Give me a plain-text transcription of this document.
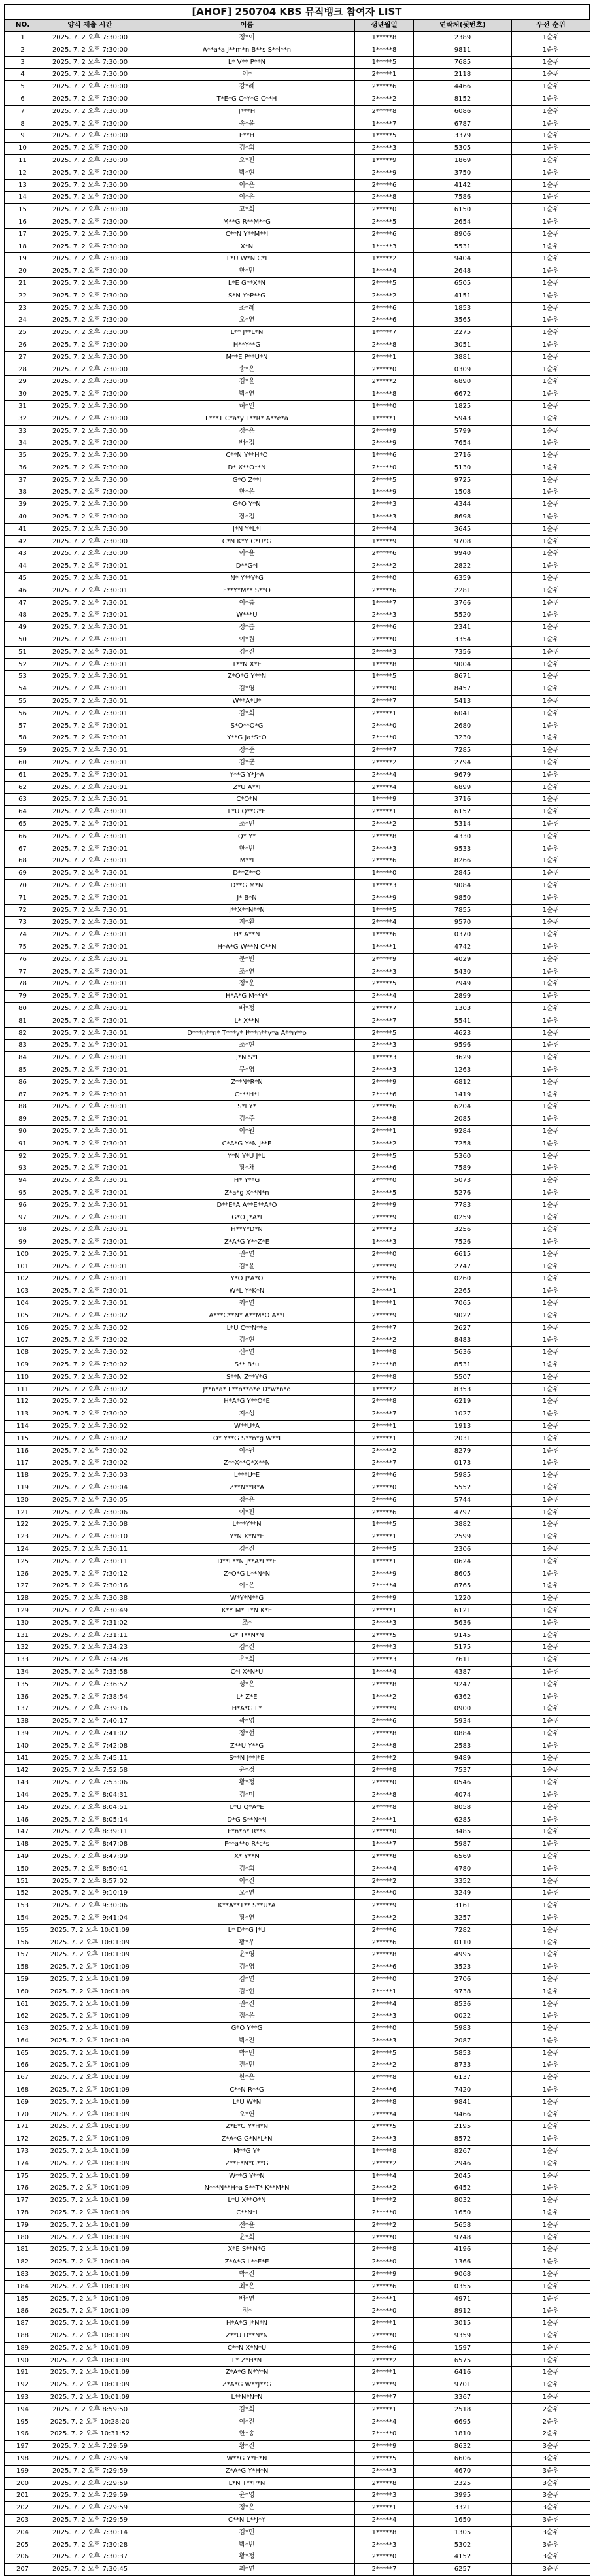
[AHOF] 250704 KBS 뮤직뱅크 참여자 LIST
NO.	양식 제출 시간	이름	생년월일	연락처(뒷번호)	우선 순위
1	2025. 7. 2 오후 7:30:00	정*이	1*****8	2389	1순위
2	2025. 7. 2 오후 7:30:00	A**a*a J**m*n B**s S**l**n	1*****8	9811	1순위
3	2025. 7. 2 오후 7:30:00	L* V** P**N	1*****5	7685	1순위
4	2025. 7. 2 오후 7:30:00	이*	2*****1	2118	1순위
5	2025. 7. 2 오후 7:30:00	강*례	2*****6	4466	1순위
6	2025. 7. 2 오후 7:30:00	T*E*G C*Y*G C**H	2*****2	8152	1순위
7	2025. 7. 2 오후 7:30:00	J***H	2*****8	6086	1순위
8	2025. 7. 2 오후 7:30:00	송*윤	1*****7	6787	1순위
9	2025. 7. 2 오후 7:30:00	F**H	1*****5	3379	1순위
10	2025. 7. 2 오후 7:30:00	김*희	2*****3	5305	1순위
11	2025. 7. 2 오후 7:30:00	오*진	1*****9	1869	1순위
12	2025. 7. 2 오후 7:30:00	박*현	2*****9	3750	1순위
13	2025. 7. 2 오후 7:30:00	이*은	2*****6	4142	1순위
14	2025. 7. 2 오후 7:30:00	이*은	2*****8	7586	1순위
15	2025. 7. 2 오후 7:30:00	고*희	2*****0	6150	1순위
16	2025. 7. 2 오후 7:30:00	M**G R**M**G	2*****5	2654	1순위
17	2025. 7. 2 오후 7:30:00	C**N Y**M**I	2*****6	8906	1순위
18	2025. 7. 2 오후 7:30:00	X*N	1*****3	5531	1순위
19	2025. 7. 2 오후 7:30:00	L*U W*N C*I	1*****2	9404	1순위
20	2025. 7. 2 오후 7:30:00	한*민	1*****4	2648	1순위
21	2025. 7. 2 오후 7:30:00	L*E G**X*N	2*****5	6505	1순위
22	2025. 7. 2 오후 7:30:00	S*N Y*P**G	2*****2	4151	1순위
23	2025. 7. 2 오후 7:30:00	조*례	2*****6	1853	1순위
24	2025. 7. 2 오후 7:30:00	오*연	2*****6	3565	1순위
25	2025. 7. 2 오후 7:30:00	L** J**L*N	1*****7	2275	1순위
26	2025. 7. 2 오후 7:30:00	H**Y**G	2*****8	3051	1순위
27	2025. 7. 2 오후 7:30:00	M**E P**U*N	2*****1	3881	1순위
28	2025. 7. 2 오후 7:30:00	송*은	2*****0	0309	1순위
29	2025. 7. 2 오후 7:30:00	김*윤	2*****2	6890	1순위
30	2025. 7. 2 오후 7:30:00	박*연	1*****8	6672	1순위
31	2025. 7. 2 오후 7:30:00	허*인	1*****0	1825	1순위
32	2025. 7. 2 오후 7:30:00	L***T C*a*y L**R* A**e*a	1*****1	5943	1순위
33	2025. 7. 2 오후 7:30:00	정*은	2*****9	5799	1순위
34	2025. 7. 2 오후 7:30:00	배*정	2*****9	7654	1순위
35	2025. 7. 2 오후 7:30:00	C**N Y**H*O	1*****6	2716	1순위
36	2025. 7. 2 오후 7:30:00	D* X**O**N	2*****0	5130	1순위
37	2025. 7. 2 오후 7:30:00	G*O Z**I	2*****5	9725	1순위
38	2025. 7. 2 오후 7:30:00	한*은	1*****9	1508	1순위
39	2025. 7. 2 오후 7:30:00	G*O Y*N	2*****3	4344	1순위
40	2025. 7. 2 오후 7:30:00	장*정	1*****3	8698	1순위
41	2025. 7. 2 오후 7:30:00	J*N Y*L*I	2*****4	3645	1순위
42	2025. 7. 2 오후 7:30:00	C*N K*Y C*U*G	1*****9	9708	1순위
43	2025. 7. 2 오후 7:30:00	이*윤	2*****6	9940	1순위
44	2025. 7. 2 오후 7:30:01	D**G*I	2*****2	2822	1순위
45	2025. 7. 2 오후 7:30:01	N* Y**Y*G	2*****0	6359	1순위
46	2025. 7. 2 오후 7:30:01	F**Y*M** S**O	2*****6	2281	1순위
47	2025. 7. 2 오후 7:30:01	이*름	1*****7	3766	1순위
48	2025. 7. 2 오후 7:30:01	W***U	2*****3	5520	1순위
49	2025. 7. 2 오후 7:30:01	정*름	2*****6	2341	1순위
50	2025. 7. 2 오후 7:30:01	이*원	2*****0	3354	1순위
51	2025. 7. 2 오후 7:30:01	김*진	2*****3	7356	1순위
52	2025. 7. 2 오후 7:30:01	T**N X*E	1*****8	9004	1순위
53	2025. 7. 2 오후 7:30:01	Z*O*G Y**N	1*****5	8671	1순위
54	2025. 7. 2 오후 7:30:01	김*영	2*****0	8457	1순위
55	2025. 7. 2 오후 7:30:01	W**A*U*	2*****7	5413	1순위
56	2025. 7. 2 오후 7:30:01	김*희	2*****1	6041	1순위
57	2025. 7. 2 오후 7:30:01	S*O**O*G	2*****0	2680	1순위
58	2025. 7. 2 오후 7:30:01	Y**G Ja*S*O	2*****0	3230	1순위
59	2025. 7. 2 오후 7:30:01	정*준	2*****7	7285	1순위
60	2025. 7. 2 오후 7:30:01	김*군	2*****2	2794	1순위
61	2025. 7. 2 오후 7:30:01	Y**G Y*J*A	2*****4	9679	1순위
62	2025. 7. 2 오후 7:30:01	Z*U A**I	2*****4	6899	1순위
63	2025. 7. 2 오후 7:30:01	C*O*N	1*****9	3716	1순위
64	2025. 7. 2 오후 7:30:01	L*U Q**G*E	2*****1	6152	1순위
65	2025. 7. 2 오후 7:30:01	조*민	2*****2	5314	1순위
66	2025. 7. 2 오후 7:30:01	Q* Y*	2*****8	4330	1순위
67	2025. 7. 2 오후 7:30:01	한*빈	2*****3	9533	1순위
68	2025. 7. 2 오후 7:30:01	M**I	2*****6	8266	1순위
69	2025. 7. 2 오후 7:30:01	D**Z**O	1*****0	2845	1순위
70	2025. 7. 2 오후 7:30:01	D**G M*N	1*****3	9084	1순위
71	2025. 7. 2 오후 7:30:01	J* B*N	2*****9	9850	1순위
72	2025. 7. 2 오후 7:30:01	J**X**N**N	1*****5	7855	1순위
73	2025. 7. 2 오후 7:30:01	지*환	2*****4	9570	1순위
74	2025. 7. 2 오후 7:30:01	H* A**N	1*****6	0370	1순위
75	2025. 7. 2 오후 7:30:01	H*A*G W**N C**N	1*****1	4742	1순위
76	2025. 7. 2 오후 7:30:01	문*빈	2*****9	4029	1순위
77	2025. 7. 2 오후 7:30:01	조*연	2*****3	5430	1순위
78	2025. 7. 2 오후 7:30:01	정*운	2*****5	7949	1순위
79	2025. 7. 2 오후 7:30:01	H*A*G M**Y*	2*****4	2899	1순위
80	2025. 7. 2 오후 7:30:01	배*정	2*****7	1303	1순위
81	2025. 7. 2 오후 7:30:01	L* X**N	2*****7	5541	1순위
82	2025. 7. 2 오후 7:30:01	D***n**n* T***y* I***n**y*a A**n**o	2*****5	4623	1순위
83	2025. 7. 2 오후 7:30:01	조*현	2*****3	9596	1순위
84	2025. 7. 2 오후 7:30:01	J*N S*I	1*****3	3629	1순위
85	2025. 7. 2 오후 7:30:01	무*영	2*****3	1263	1순위
86	2025. 7. 2 오후 7:30:01	Z**N*R*N	2*****9	6812	1순위
87	2025. 7. 2 오후 7:30:01	C***H*I	2*****6	1419	1순위
88	2025. 7. 2 오후 7:30:01	S*I Y*	2*****6	6204	1순위
89	2025. 7. 2 오후 7:30:01	김*주	2*****8	2085	1순위
90	2025. 7. 2 오후 7:30:01	이*원	2*****1	9284	1순위
91	2025. 7. 2 오후 7:30:01	C*A*G Y*N J**E	2*****2	7258	1순위
92	2025. 7. 2 오후 7:30:01	Y*N Y*U J*U	2*****5	5360	1순위
93	2025. 7. 2 오후 7:30:01	황*채	2*****6	7589	1순위
94	2025. 7. 2 오후 7:30:01	H* Y**G	2*****0	5073	1순위
95	2025. 7. 2 오후 7:30:01	Z*a*g X**N*n	2*****5	5276	1순위
96	2025. 7. 2 오후 7:30:01	D**E*A A**E**A*O	2*****9	7783	1순위
97	2025. 7. 2 오후 7:30:01	G*O J*A*I	2*****9	0259	1순위
98	2025. 7. 2 오후 7:30:01	H**Y*D*N	2*****3	3256	1순위
99	2025. 7. 2 오후 7:30:01	Z*A*G Y**Z*E	1*****3	7526	1순위
100	2025. 7. 2 오후 7:30:01	권*연	2*****0	6615	1순위
101	2025. 7. 2 오후 7:30:01	김*윤	2*****9	2747	1순위
102	2025. 7. 2 오후 7:30:01	Y*O J*A*O	2*****6	0260	1순위
103	2025. 7. 2 오후 7:30:01	W*L Y*K*N	2*****1	2265	1순위
104	2025. 7. 2 오후 7:30:01	최*연	1*****1	7065	1순위
105	2025. 7. 2 오후 7:30:02	A***C**N* A**M*O A**I	2*****9	9022	1순위
106	2025. 7. 2 오후 7:30:02	L*U C**N**e	2*****7	2627	1순위
107	2025. 7. 2 오후 7:30:02	김*현	2*****2	8483	1순위
108	2025. 7. 2 오후 7:30:02	신*연	1*****8	5636	1순위
109	2025. 7. 2 오후 7:30:02	S** B*u	2*****8	8531	1순위
110	2025. 7. 2 오후 7:30:02	S**N Z**Y*G	2*****8	5507	1순위
111	2025. 7. 2 오후 7:30:02	J**n*a* L**n**o*e D*w*n*o	1*****2	8353	1순위
112	2025. 7. 2 오후 7:30:02	H*A*G Y**O*E	2*****8	6219	1순위
113	2025. 7. 2 오후 7:30:02	지*성	2*****7	1027	1순위
114	2025. 7. 2 오후 7:30:02	W**U*A	2*****1	1913	1순위
115	2025. 7. 2 오후 7:30:02	O* Y**G S**n*g W**I	2*****1	2031	1순위
116	2025. 7. 2 오후 7:30:02	이*원	2*****2	8279	1순위
117	2025. 7. 2 오후 7:30:02	Z**X**Q*X**N	2*****7	0173	1순위
118	2025. 7. 2 오후 7:30:03	L***U*E	2*****6	5985	1순위
119	2025. 7. 2 오후 7:30:04	Z**N**R*A	2*****0	5552	1순위
120	2025. 7. 2 오후 7:30:05	정*은	2*****6	5744	1순위
121	2025. 7. 2 오후 7:30:06	이*진	2*****6	4797	1순위
122	2025. 7. 2 오후 7:30:08	L***Y**N	1*****5	3882	1순위
123	2025. 7. 2 오후 7:30:10	Y*N X*N*E	2*****1	2599	1순위
124	2025. 7. 2 오후 7:30:11	김*진	2*****5	2306	1순위
125	2025. 7. 2 오후 7:30:11	D**L**N J**A*L**E	1*****1	0624	1순위
126	2025. 7. 2 오후 7:30:12	Z*O*G L**N*N	2*****9	8605	1순위
127	2025. 7. 2 오후 7:30:16	이*은	2*****4	8765	1순위
128	2025. 7. 2 오후 7:30:38	W*Y*N**G	2*****9	1220	1순위
129	2025. 7. 2 오후 7:30:49	K*Y M* T*N K*E	2*****1	6121	1순위
130	2025. 7. 2 오후 7:31:02	조*	2*****3	5636	1순위
131	2025. 7. 2 오후 7:31:11	G* T**N*N	2*****5	9145	1순위
132	2025. 7. 2 오후 7:34:23	김*진	2*****3	5175	1순위
133	2025. 7. 2 오후 7:34:28	유*희	2*****3	7611	1순위
134	2025. 7. 2 오후 7:35:58	C*I X*N*U	1*****4	4387	1순위
135	2025. 7. 2 오후 7:36:52	성*은	2*****8	9247	1순위
136	2025. 7. 2 오후 7:38:54	L* Z*E	1*****2	6362	1순위
137	2025. 7. 2 오후 7:39:16	H*A*G L*	2*****9	0900	1순위
138	2025. 7. 2 오후 7:40:17	곽*영	2*****6	5934	1순위
139	2025. 7. 2 오후 7:41:02	정*현	2*****8	0884	1순위
140	2025. 7. 2 오후 7:42:08	Z**U Y**G	2*****8	2583	1순위
141	2025. 7. 2 오후 7:45:11	S**N J**J*E	2*****2	9489	1순위
142	2025. 7. 2 오후 7:52:58	윤*정	2*****8	7537	1순위
143	2025. 7. 2 오후 7:53:06	황*정	2*****0	0546	1순위
144	2025. 7. 2 오후 8:04:31	김*미	2*****8	4074	1순위
145	2025. 7. 2 오후 8:04:51	L*U Q*A*E	2*****8	8058	1순위
146	2025. 7. 2 오후 8:05:14	D*G S**N**I	2*****1	6285	1순위
147	2025. 7. 2 오후 8:39:11	F*n*n* R**s	2*****0	3485	1순위
148	2025. 7. 2 오후 8:47:08	F**a**o R*c*s	1*****7	5987	1순위
149	2025. 7. 2 오후 8:47:09	X* Y**N	2*****8	6569	1순위
150	2025. 7. 2 오후 8:50:41	김*희	2*****4	4780	1순위
151	2025. 7. 2 오후 8:57:02	이*진	2*****2	3352	1순위
152	2025. 7. 2 오후 9:10:19	오*연	2*****0	3249	1순위
153	2025. 7. 2 오후 9:30:06	K**A**T** S**U*A	2*****9	3161	1순위
154	2025. 7. 2 오후 9:41:04	황*연	2*****2	3257	1순위
155	2025. 7. 2 오후 10:01:09	L* D**G J*U	2*****6	7282	1순위
156	2025. 7. 2 오후 10:01:09	황*우	2*****6	0110	1순위
157	2025. 7. 2 오후 10:01:09	윤*영	2*****8	4995	1순위
158	2025. 7. 2 오후 10:01:09	김*영	2*****6	3523	1순위
159	2025. 7. 2 오후 10:01:09	김*연	2*****0	2706	1순위
160	2025. 7. 2 오후 10:01:09	김*현	2*****1	9738	1순위
161	2025. 7. 2 오후 10:01:09	권*진	2*****4	8536	1순위
162	2025. 7. 2 오후 10:01:09	정*은	2*****3	0022	1순위
163	2025. 7. 2 오후 10:01:09	G*O Y**G	2*****0	5983	1순위
164	2025. 7. 2 오후 10:01:09	박*진	2*****3	2087	1순위
165	2025. 7. 2 오후 10:01:09	박*민	2*****5	5853	1순위
166	2025. 7. 2 오후 10:01:09	진*민	2*****2	8733	1순위
167	2025. 7. 2 오후 10:01:09	한*은	2*****8	6137	1순위
168	2025. 7. 2 오후 10:01:09	C**N R**G	2*****6	7420	1순위
169	2025. 7. 2 오후 10:01:09	L*U W*N	2*****8	9841	1순위
170	2025. 7. 2 오후 10:01:09	오*연	2*****4	9466	1순위
171	2025. 7. 2 오후 10:01:09	Z*E*G Y*H*N	2*****5	2195	1순위
172	2025. 7. 2 오후 10:01:09	Z*A*G G*N*L*N	2*****3	8572	1순위
173	2025. 7. 2 오후 10:01:09	M**G Y*	1*****8	8267	1순위
174	2025. 7. 2 오후 10:01:09	Z**E*N*G**G	2*****2	2946	1순위
175	2025. 7. 2 오후 10:01:09	W**G Y**N	1*****4	2045	1순위
176	2025. 7. 2 오후 10:01:09	N***N**H*a S**T* K**M*N	2*****2	6452	1순위
177	2025. 7. 2 오후 10:01:09	L*U X**O*N	1*****2	8032	1순위
178	2025. 7. 2 오후 10:01:09	C**N*I	2*****0	1650	1순위
179	2025. 7. 2 오후 10:01:09	전*윤	2*****2	5658	1순위
180	2025. 7. 2 오후 10:01:09	윤*희	2*****0	9748	1순위
181	2025. 7. 2 오후 10:01:09	X*E S**N*G	2*****8	4196	1순위
182	2025. 7. 2 오후 10:01:09	Z*A*G L**E*E	2*****0	1366	1순위
183	2025. 7. 2 오후 10:01:09	박*진	2*****9	9068	1순위
184	2025. 7. 2 오후 10:01:09	최*은	2*****6	0355	1순위
185	2025. 7. 2 오후 10:01:09	배*연	2*****1	4971	1순위
186	2025. 7. 2 오후 10:01:09	정*	2*****0	8912	1순위
187	2025. 7. 2 오후 10:01:09	H*A*G J*N*N	2*****1	3015	1순위
188	2025. 7. 2 오후 10:01:09	Z**U D**N*N	2*****0	9359	1순위
189	2025. 7. 2 오후 10:01:09	C**N X*N*U	2*****6	1597	1순위
190	2025. 7. 2 오후 10:01:09	L* Z*H*N	2*****2	6575	1순위
191	2025. 7. 2 오후 10:01:09	Z*A*G N*Y*N	2*****1	6416	1순위
192	2025. 7. 2 오후 10:01:09	Z*A*G W**J**G	2*****9	9701	1순위
193	2025. 7. 2 오후 10:01:09	L**N*N*N	2*****7	3367	1순위
194	2025. 7. 2 오후 8:59:50	김*희	2*****1	2518	2순위
195	2025. 7. 2 오후 10:28:20	이*진	2*****4	6695	2순위
196	2025. 7. 2 오후 10:31:52	한*송	2*****0	1810	2순위
197	2025. 7. 2 오후 7:29:59	황*진	2*****9	8632	3순위
198	2025. 7. 2 오후 7:29:59	W**G Y*H*N	2*****5	6606	3순위
199	2025. 7. 2 오후 7:29:59	Z*A*G Y*H*N	2*****3	4670	3순위
200	2025. 7. 2 오후 7:29:59	L*N T**P*N	2*****8	2325	3순위
201	2025. 7. 2 오후 7:29:59	윤*영	2*****3	3995	3순위
202	2025. 7. 2 오후 7:29:59	정*은	2*****1	3321	3순위
203	2025. 7. 2 오후 7:29:59	C**N L**J*Y	2*****4	1650	3순위
204	2025. 7. 2 오후 7:30:14	김*민	1*****8	1305	3순위
205	2025. 7. 2 오후 7:30:28	박*빈	2*****3	5302	3순위
206	2025. 7. 2 오후 7:30:37	황*정	2*****0	4152	3순위
207	2025. 7. 2 오후 7:30:45	최*연	2*****7	6257	3순위
